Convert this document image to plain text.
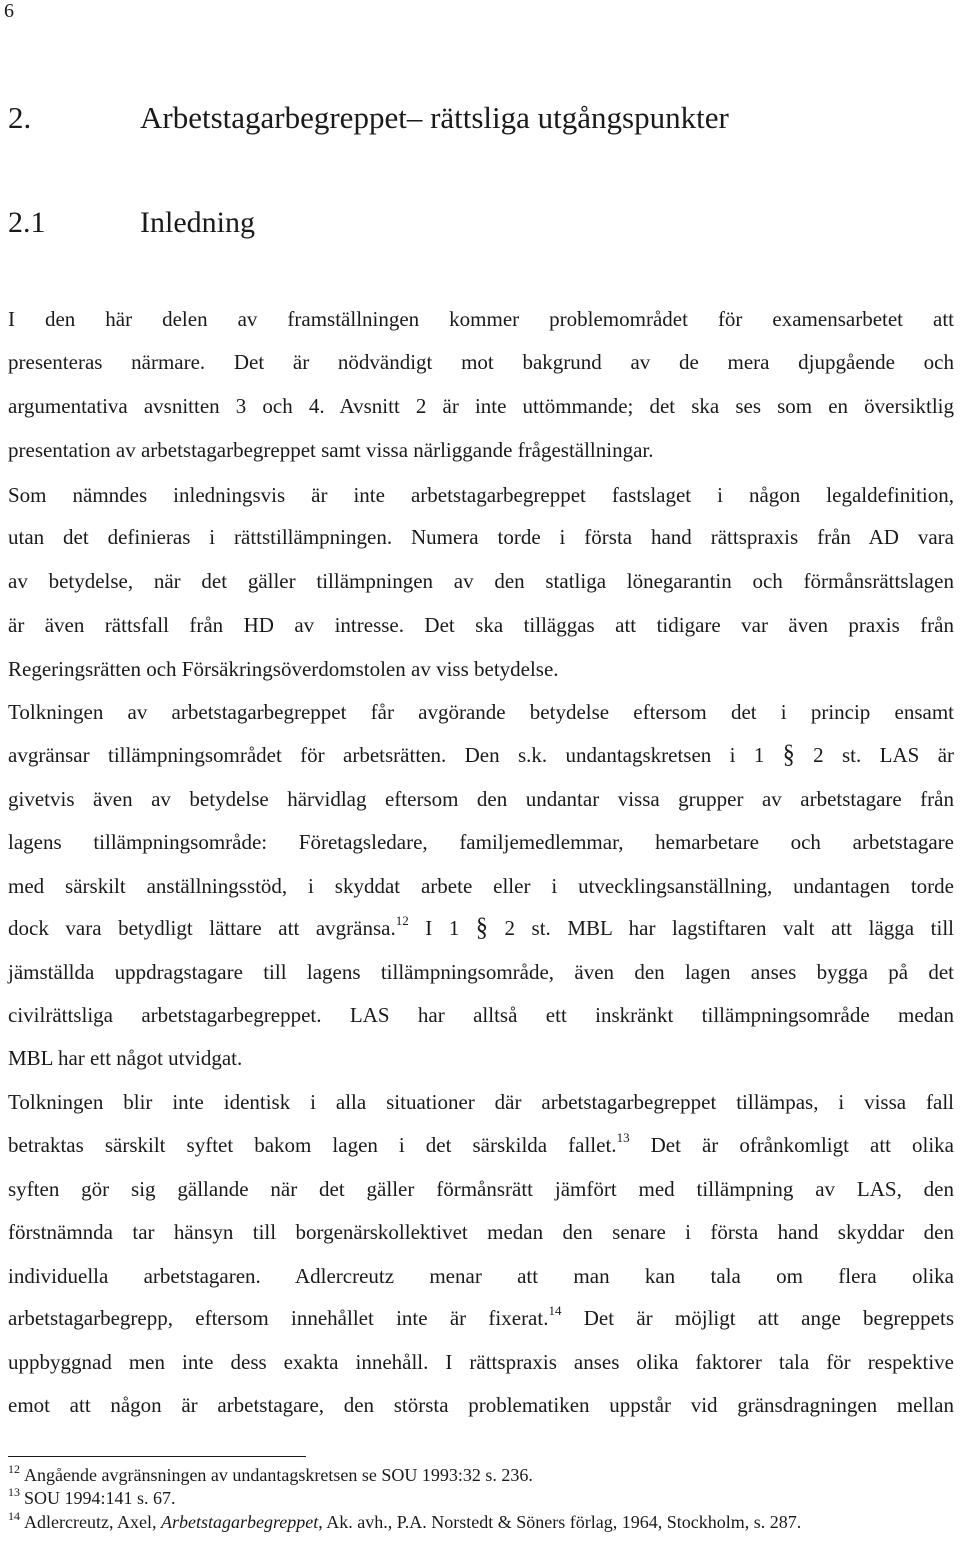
6
2.	Arbetstagarbegreppet– rättsliga utgångspunkter
2.1	Inledning
I den här delen av framställningen kommer problemområdet för examensarbetet att
presenteras närmare. Det är nödvändigt mot bakgrund av de mera djupgående och
argumentativa avsnitten 3 och 4. Avsnitt 2 är inte uttömmande; det ska ses som en översiktlig
presentation av arbetstagarbegreppet samt vissa närliggande frågeställningar.
Som nämndes inledningsvis är inte arbetstagarbegreppet fastslaget i någon legaldefinition,
utan det definieras i rättstillämpningen. Numera torde i första hand rättspraxis från AD vara
av betydelse, när det gäller tillämpningen av den statliga lönegarantin och förmånsrättslagen
är även rättsfall från HD av intresse. Det ska tilläggas att tidigare var även praxis från
Regeringsrätten och Försäkringsöverdomstolen av viss betydelse.
Tolkningen av arbetstagarbegreppet får avgörande betydelse eftersom det i princip ensamt
avgränsar tillämpningsområdet för arbetsrätten. Den s.k. undantagskretsen i 1 § 2 st. LAS är
givetvis även av betydelse härvidlag eftersom den undantar vissa grupper av arbetstagare från
lagens tillämpningsområde: Företagsledare, familjemedlemmar, hemarbetare och arbetstagare
med särskilt anställningsstöd, i skyddat arbete eller i utvecklingsanställning, undantagen torde
dock vara betydligt lättare att avgränsa.$^{12}$ I 1 § 2 st. MBL har lagstiftaren valt att lägga till
jämställda uppdragstagare till lagens tillämpningsområde, även den lagen anses bygga på det
civilrättsliga arbetstagarbegreppet. LAS har alltså ett inskränkt tillämpningsområde medan
MBL har ett något utvidgat.
Tolkningen blir inte identisk i alla situationer där arbetstagarbegreppet tillämpas, i vissa fall
betraktas särskilt syftet bakom lagen i det särskilda fallet.$^{13}$ Det är ofrånkomligt att olika
syften gör sig gällande när det gäller förmånsrätt jämfört med tillämpning av LAS, den
förstnämnda tar hänsyn till borgenärskollektivet medan den senare i första hand skyddar den
individuella arbetstagaren. Adlercreutz menar att man kan tala om flera olika
arbetstagarbegrepp, eftersom innehållet inte är fixerat.$^{14}$ Det är möjligt att ange begreppets
uppbyggnad men inte dess exakta innehåll. I rättspraxis anses olika faktorer tala för respektive
emot att någon är arbetstagare, den största problematiken uppstår vid gränsdragningen mellan
$^{12}$ Angående avgränsningen av undantagskretsen se SOU 1993:32 s. 236.
$^{13}$ SOU 1994:141 s. 67.
$^{14}$ Adlercreutz, Axel, Arbetstagarbegreppet, Ak. avh., P.A. Norstedt & Söners förlag, 1964, Stockholm, s. 287.
